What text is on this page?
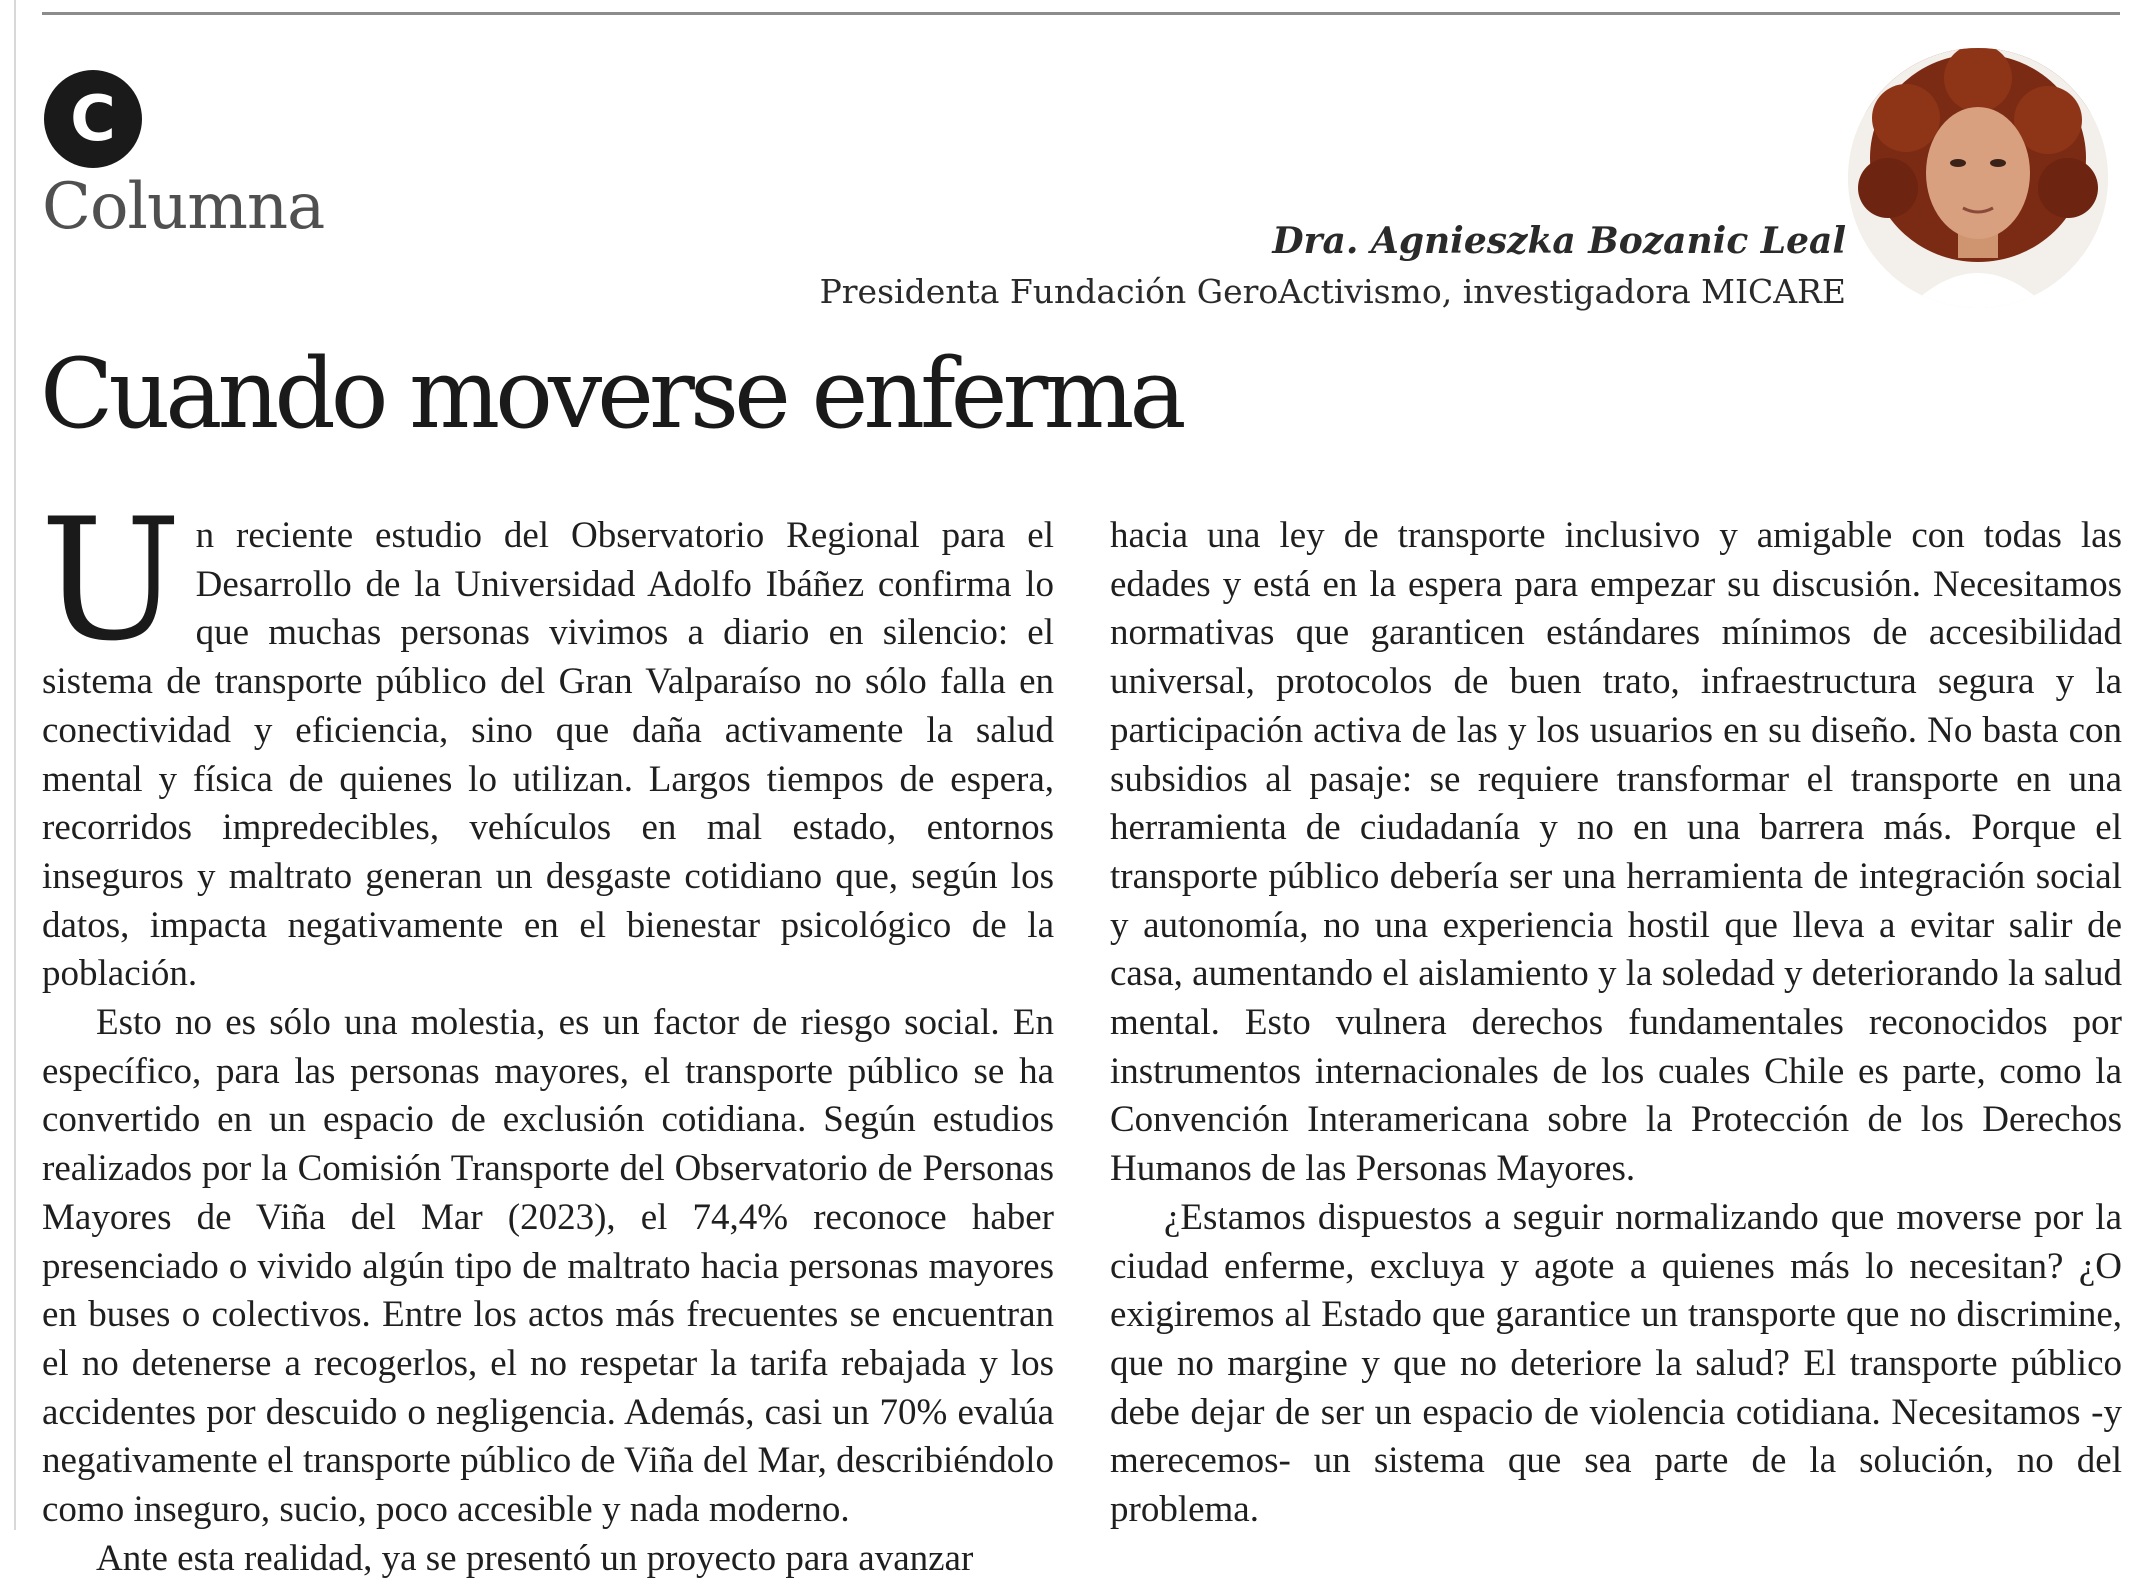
C
Columna	Dra. Agnieszka Bozanic Leal
Presidenta Fundación GeroActivismo, investigadora MICARE
Cuando moverse enferma

Un reciente estudio del Observatorio Regional para el Desarrollo de la Universidad Adolfo Ibáñez confirma lo que muchas personas vivimos a diario en silencio: el sistema de transporte público del Gran Valparaíso no sólo falla en conectividad y eficiencia, sino que daña activamente la salud mental y física de quienes lo utilizan. Largos tiempos de espera, recorridos impredecibles, vehículos en mal estado, entornos inseguros y maltrato generan un desgaste cotidiano que, según los datos, impacta negativamente en el bienestar psicológico de la población.

Esto no es sólo una molestia, es un factor de riesgo social. En específico, para las personas mayores, el transporte público se ha convertido en un espacio de exclusión cotidiana. Según estudios realizados por la Comisión Transporte del Observatorio de Personas Mayores de Viña del Mar (2023), el 74,4% reconoce haber presenciado o vivido algún tipo de maltrato hacia personas mayores en buses o colectivos. Entre los actos más frecuentes se encuentran el no detenerse a recogerlos, el no respetar la tarifa rebajada y los accidentes por descuido o negligencia. Además, casi un 70% evalúa negativamente el transporte público de Viña del Mar, describiéndolo como inseguro, sucio, poco accesible y nada moderno.

Ante esta realidad, ya se presentó un proyecto para avanzar

hacia una ley de transporte inclusivo y amigable con todas las edades y está en la espera para empezar su discusión. Necesitamos normativas que garanticen estándares mínimos de accesibilidad universal, protocolos de buen trato, infraestructura segura y la participación activa de las y los usuarios en su diseño. No basta con subsidios al pasaje: se requiere transformar el transporte en una herramienta de ciudadanía y no en una barrera más. Porque el transporte público debería ser una herramienta de integración social y autonomía, no una experiencia hostil que lleva a evitar salir de casa, aumentando el aislamiento y la soledad y deteriorando la salud mental. Esto vulnera derechos fundamentales reconocidos por instrumentos internacionales de los cuales Chile es parte, como la Convención Interamericana sobre la Protección de los Derechos Humanos de las Personas Mayores.

¿Estamos dispuestos a seguir normalizando que moverse por la ciudad enferme, excluya y agote a quienes más lo necesitan? ¿O exigiremos al Estado que garantice un transporte que no discrimine, que no margine y que no deteriore la salud? El transporte público debe dejar de ser un espacio de violencia cotidiana. Necesitamos -y merecemos- un sistema que sea parte de la solución, no del problema.
